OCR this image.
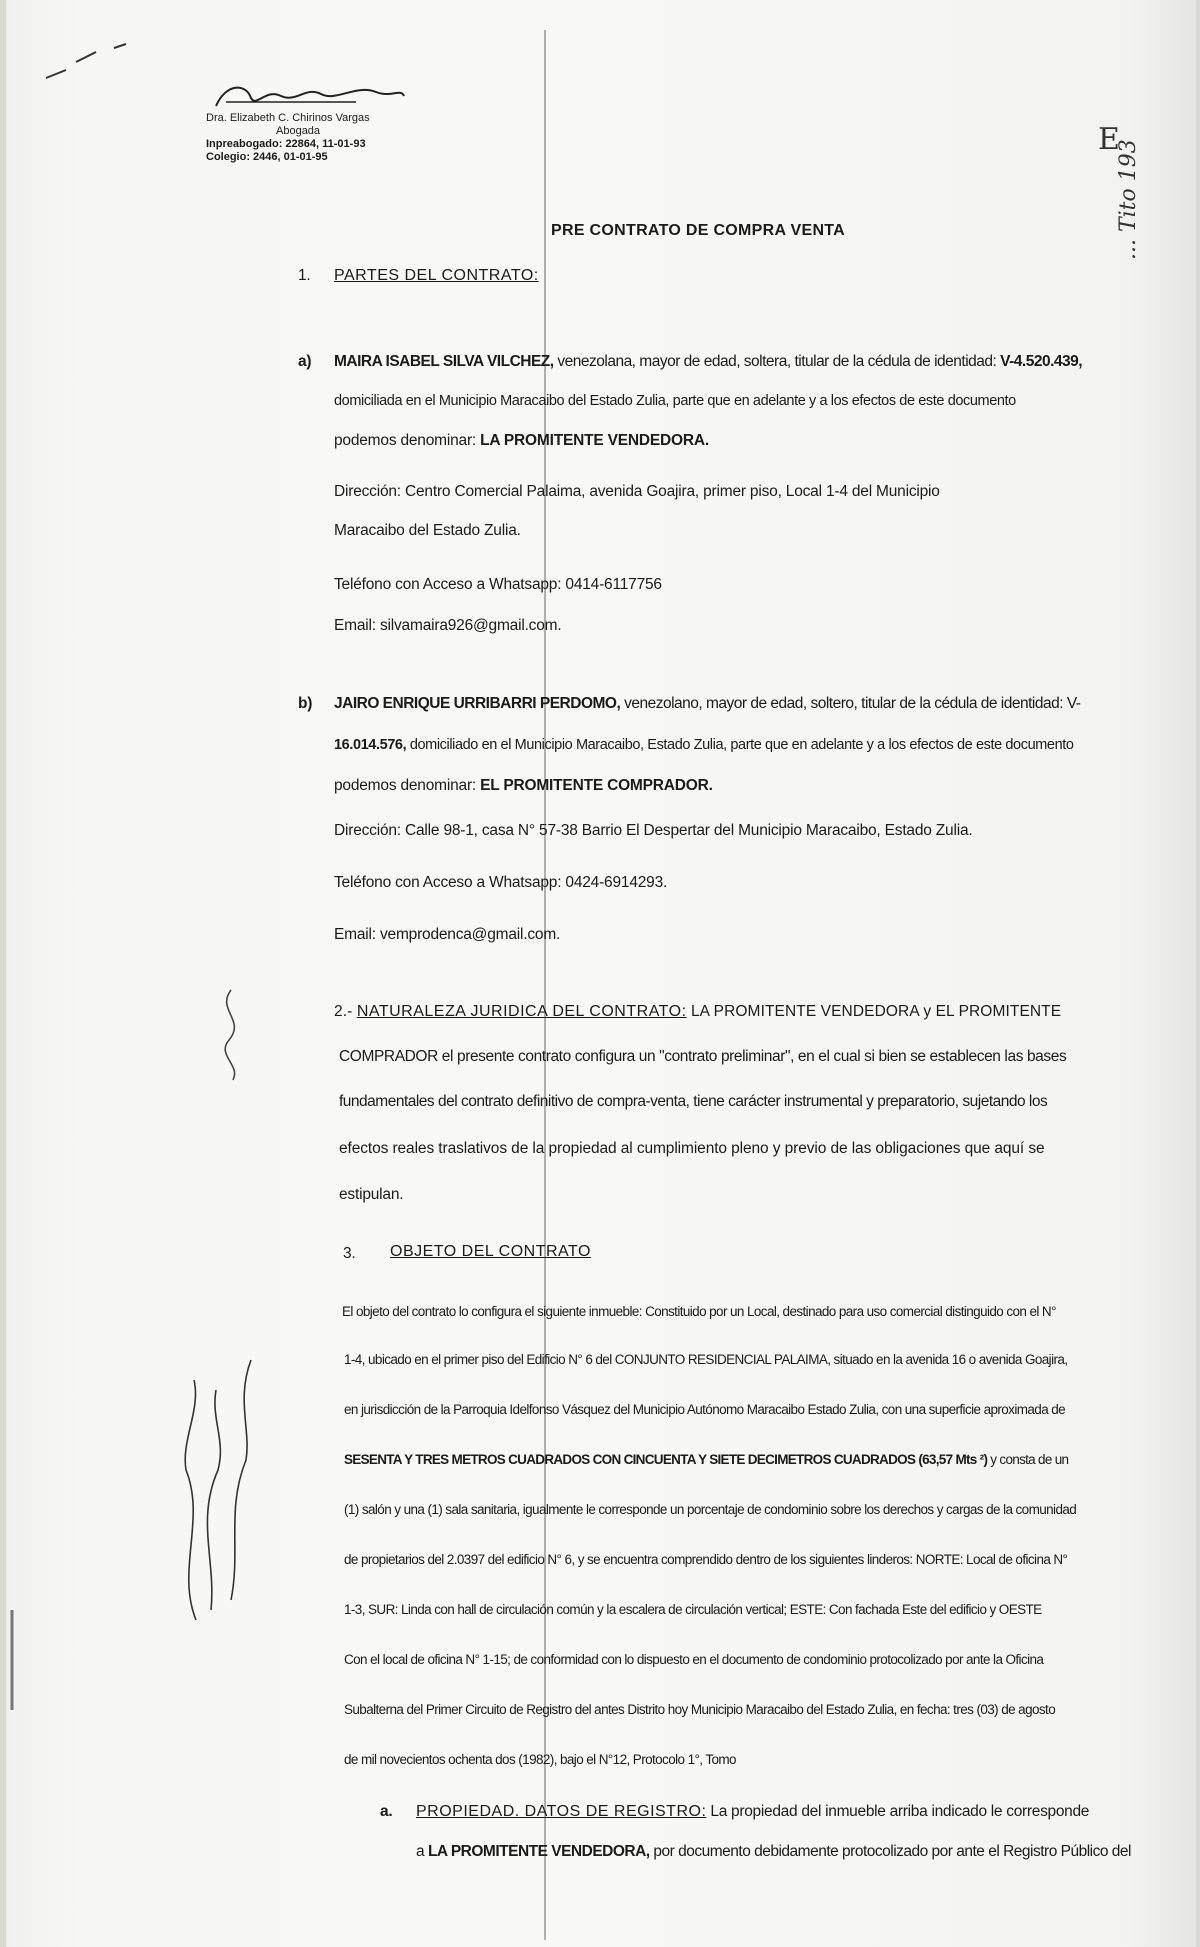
Dra. Elizabeth C. Chirinos Vargas
Abogada
Inpreabogado: 22864, 11-01-93
Colegio: 2446, 01-01-95	E
... Tito 193
PRE CONTRATO DE COMPRA VENTA
1. PARTES DEL CONTRATO:
a) MAIRA ISABEL SILVA VILCHEZ, venezolana, mayor de edad, soltera, titular de la cédula de identidad: V-4.520.439,
domiciliada en el Municipio Maracaibo del Estado Zulia, parte que en adelante y a los efectos de este documento
podemos denominar: LA PROMITENTE VENDEDORA.
Dirección: Centro Comercial Palaima, avenida Goajira, primer piso, Local 1-4 del Municipio
Maracaibo del Estado Zulia.
Teléfono con Acceso a Whatsapp: 0414-6117756
Email: silvamaira926@gmail.com.
b) JAIRO ENRIQUE URRIBARRI PERDOMO, venezolano, mayor de edad, soltero, titular de la cédula de identidad: V-
16.014.576, domiciliado en el Municipio Maracaibo, Estado Zulia, parte que en adelante y a los efectos de este documento
podemos denominar: EL PROMITENTE COMPRADOR.
Dirección: Calle 98-1, casa N° 57-38 Barrio El Despertar del Municipio Maracaibo, Estado Zulia.
Teléfono con Acceso a Whatsapp: 0424-6914293.
Email: vemprodenca@gmail.com.
2.- NATURALEZA JURIDICA DEL CONTRATO: LA PROMITENTE VENDEDORA y EL PROMITENTE
COMPRADOR el presente contrato configura un "contrato preliminar", en el cual si bien se establecen las bases
fundamentales del contrato definitivo de compra-venta, tiene carácter instrumental y preparatorio, sujetando los
efectos reales traslativos de la propiedad al cumplimiento pleno y previo de las obligaciones que aquí se
estipulan.
3. OBJETO DEL CONTRATO
El objeto del contrato lo configura el siguiente inmueble: Constituido por un Local, destinado para uso comercial distinguido con el N°
1-4, ubicado en el primer piso del Edificio N° 6 del CONJUNTO RESIDENCIAL PALAIMA, situado en la avenida 16 o avenida Goajira,
en jurisdicción de la Parroquia Idelfonso Vásquez del Municipio Autónomo Maracaibo Estado Zulia, con una superficie aproximada de
SESENTA Y TRES METROS CUADRADOS CON CINCUENTA Y SIETE DECIMETROS CUADRADOS (63,57 Mts ²) y consta de un
(1) salón y una (1) sala sanitaria, igualmente le corresponde un porcentaje de condominio sobre los derechos y cargas de la comunidad
de propietarios del 2.0397 del edificio N° 6, y se encuentra comprendido dentro de los siguientes linderos: NORTE: Local de oficina N°
1-3, SUR: Linda con hall de circulación común y la escalera de circulación vertical; ESTE: Con fachada Este del edificio y OESTE
Con el local de oficina N° 1-15; de conformidad con lo dispuesto en el documento de condominio protocolizado por ante la Oficina
Subalterna del Primer Circuito de Registro del antes Distrito hoy Municipio Maracaibo del Estado Zulia, en fecha: tres (03) de agosto
de mil novecientos ochenta dos (1982), bajo el N°12, Protocolo 1°, Tomo
a. PROPIEDAD. DATOS DE REGISTRO: La propiedad del inmueble arriba indicado le corresponde
a LA PROMITENTE VENDEDORA, por documento debidamente protocolizado por ante el Registro Público del
